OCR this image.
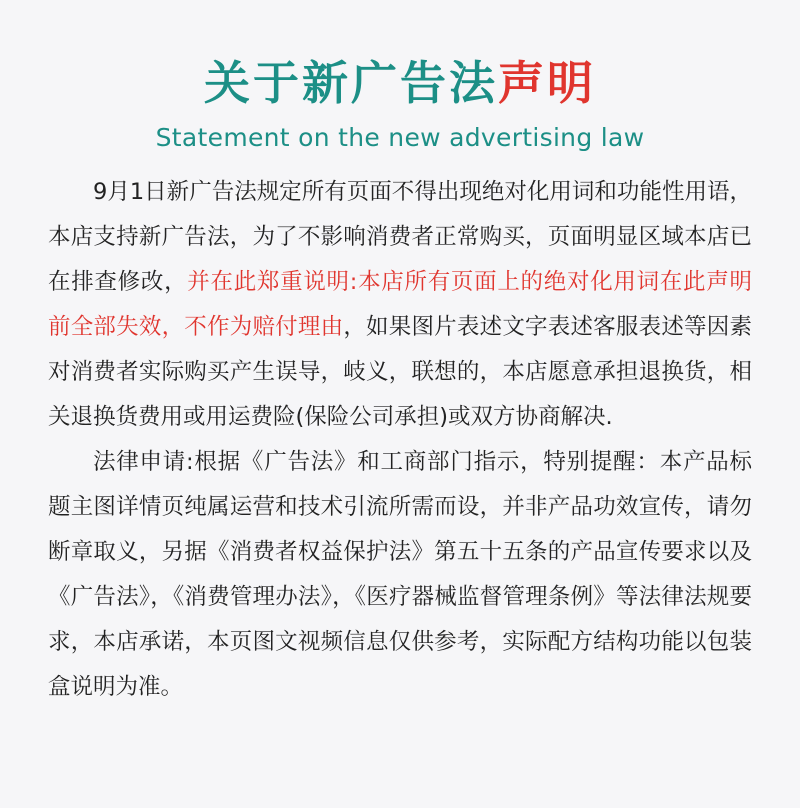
关于新广告法声明
Statement on the new advertising law

9月1日新广告法规定所有页面不得出现绝对化用词和功能性用语，本店支持新广告法，为了不影响消费者正常购买，页面明显区域本店已在排查修改，并在此郑重说明:本店所有页面上的绝对化用词在此声明前全部失效，不作为赔付理由，如果图片表述文字表述客服表述等因素对消费者实际购买产生误导，岐义，联想的，本店愿意承担退换货，相关退换货费用或用运费险(保险公司承担)或双方协商解决.

法律申请:根据《广告法》和工商部门指示，特别提醒：本产品标题主图详情页纯属运营和技术引流所需而设，并非产品功效宣传，请勿断章取义，另据《消费者权益保护法》第五十五条的产品宣传要求以及《广告法》，《消费管理办法》，《医疗器械监督管理条例》等法律法规要求，本店承诺，本页图文视频信息仅供参考，实际配方结构功能以包装盒说明为准。
